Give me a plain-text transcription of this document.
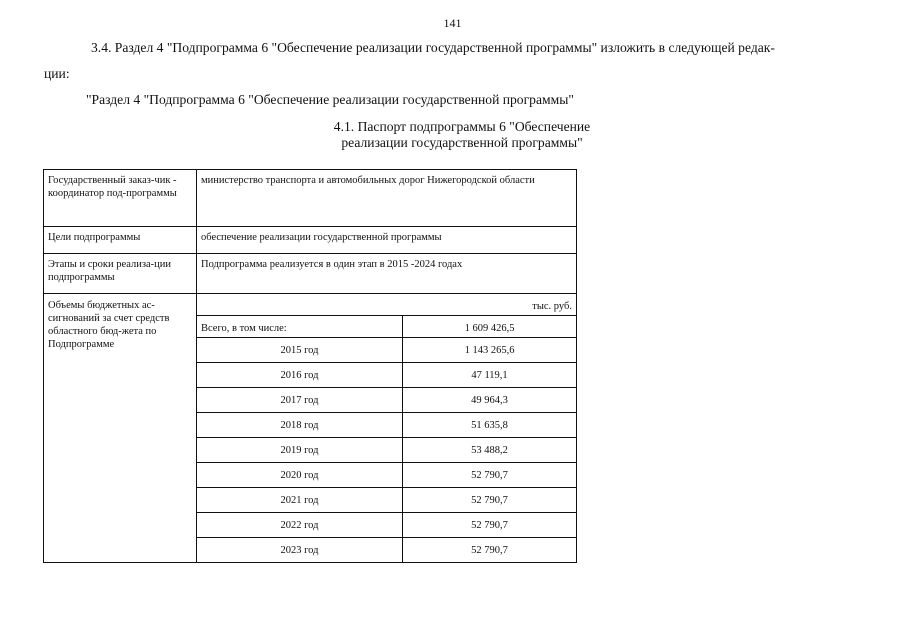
141
3.4. Раздел 4 "Подпрограмма 6 "Обеспечение реализации государственной программы" изложить в следующей редак-
ции:
"Раздел 4 "Подпрограмма 6 "Обеспечение реализации государственной программы"
4.1. Паспорт подпрограммы 6 "Обеспечение
реализации государственной программы"
Государственный заказ-чик - координатор под-программы	министерство транспорта и автомобильных дорог Нижегородской области	
Цели подпрограммы	обеспечение реализации государственной программы	
Этапы и сроки реализа-ции подпрограммы	Подпрограмма реализуется в один этап в 2015 -2024 годах	
Объемы бюджетных ас-сигнований за счет средств областного бюд-жета по Подпрограмме	тыс. руб.	
	Всего, в том числе:	1 609 426,5
	2015 год	1 143 265,6
	2016 год	47 119,1
	2017 год	49 964,3
	2018 год	51 635,8
	2019 год	53 488,2
	2020 год	52 790,7
	2021 год	52 790,7
	2022 год	52 790,7
	2023 год	52 790,7
